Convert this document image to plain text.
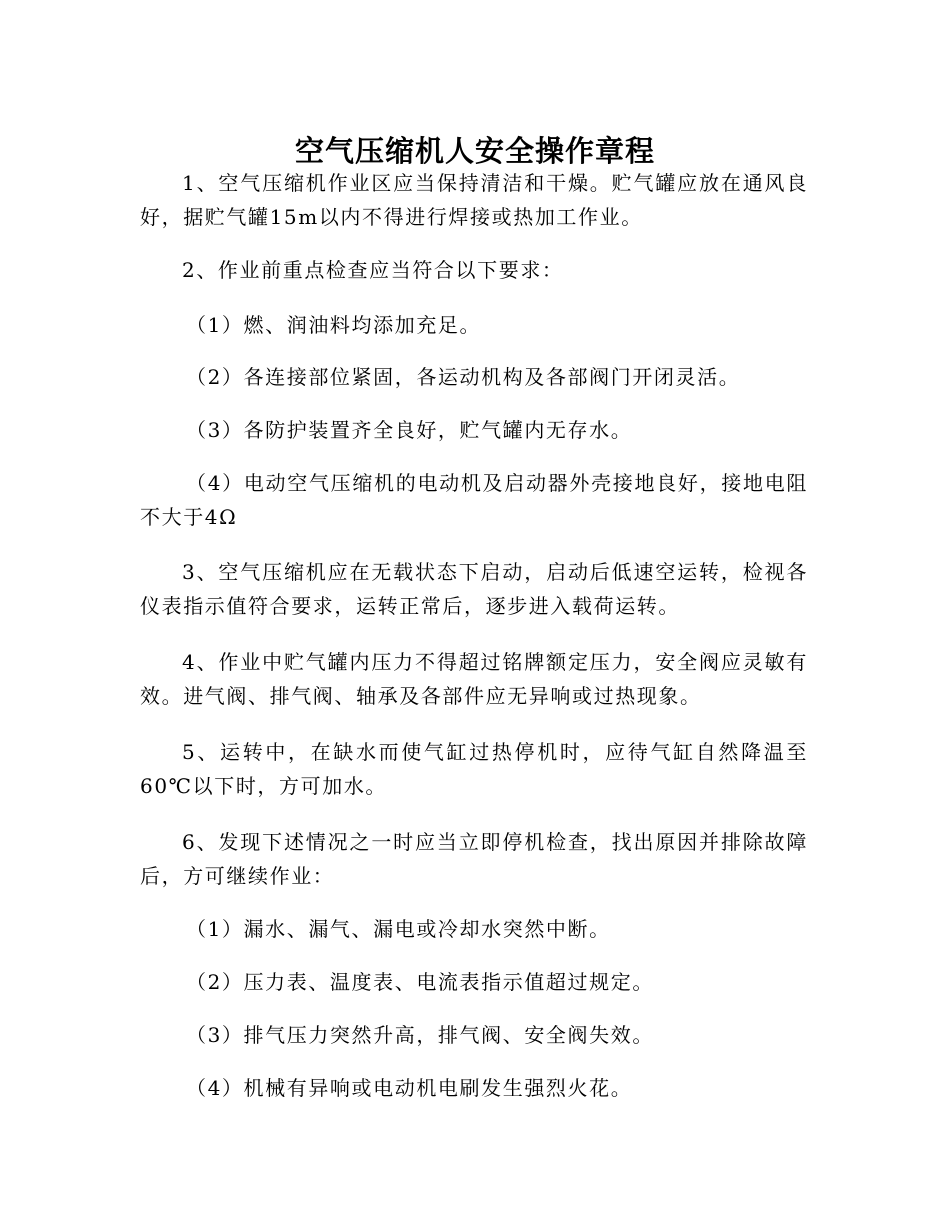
空气压缩机人安全操作章程

1、空气压缩机作业区应当保持清洁和干燥。贮气罐应放在通风良好，据贮气罐15m以内不得进行焊接或热加工作业。

2、作业前重点检查应当符合以下要求：

（1）燃、润油料均添加充足。

（2）各连接部位紧固，各运动机构及各部阀门开闭灵活。

（3）各防护装置齐全良好，贮气罐内无存水。

（4）电动空气压缩机的电动机及启动器外壳接地良好，接地电阻不大于4Ω

3、空气压缩机应在无载状态下启动，启动后低速空运转，检视各仪表指示值符合要求，运转正常后，逐步进入载荷运转。

4、作业中贮气罐内压力不得超过铭牌额定压力，安全阀应灵敏有效。进气阀、排气阀、轴承及各部件应无异响或过热现象。

5、运转中，在缺水而使气缸过热停机时，应待气缸自然降温至60℃以下时，方可加水。

6、发现下述情况之一时应当立即停机检查，找出原因并排除故障后，方可继续作业：

（1）漏水、漏气、漏电或冷却水突然中断。

（2）压力表、温度表、电流表指示值超过规定。

（3）排气压力突然升高，排气阀、安全阀失效。

（4）机械有异响或电动机电刷发生强烈火花。
